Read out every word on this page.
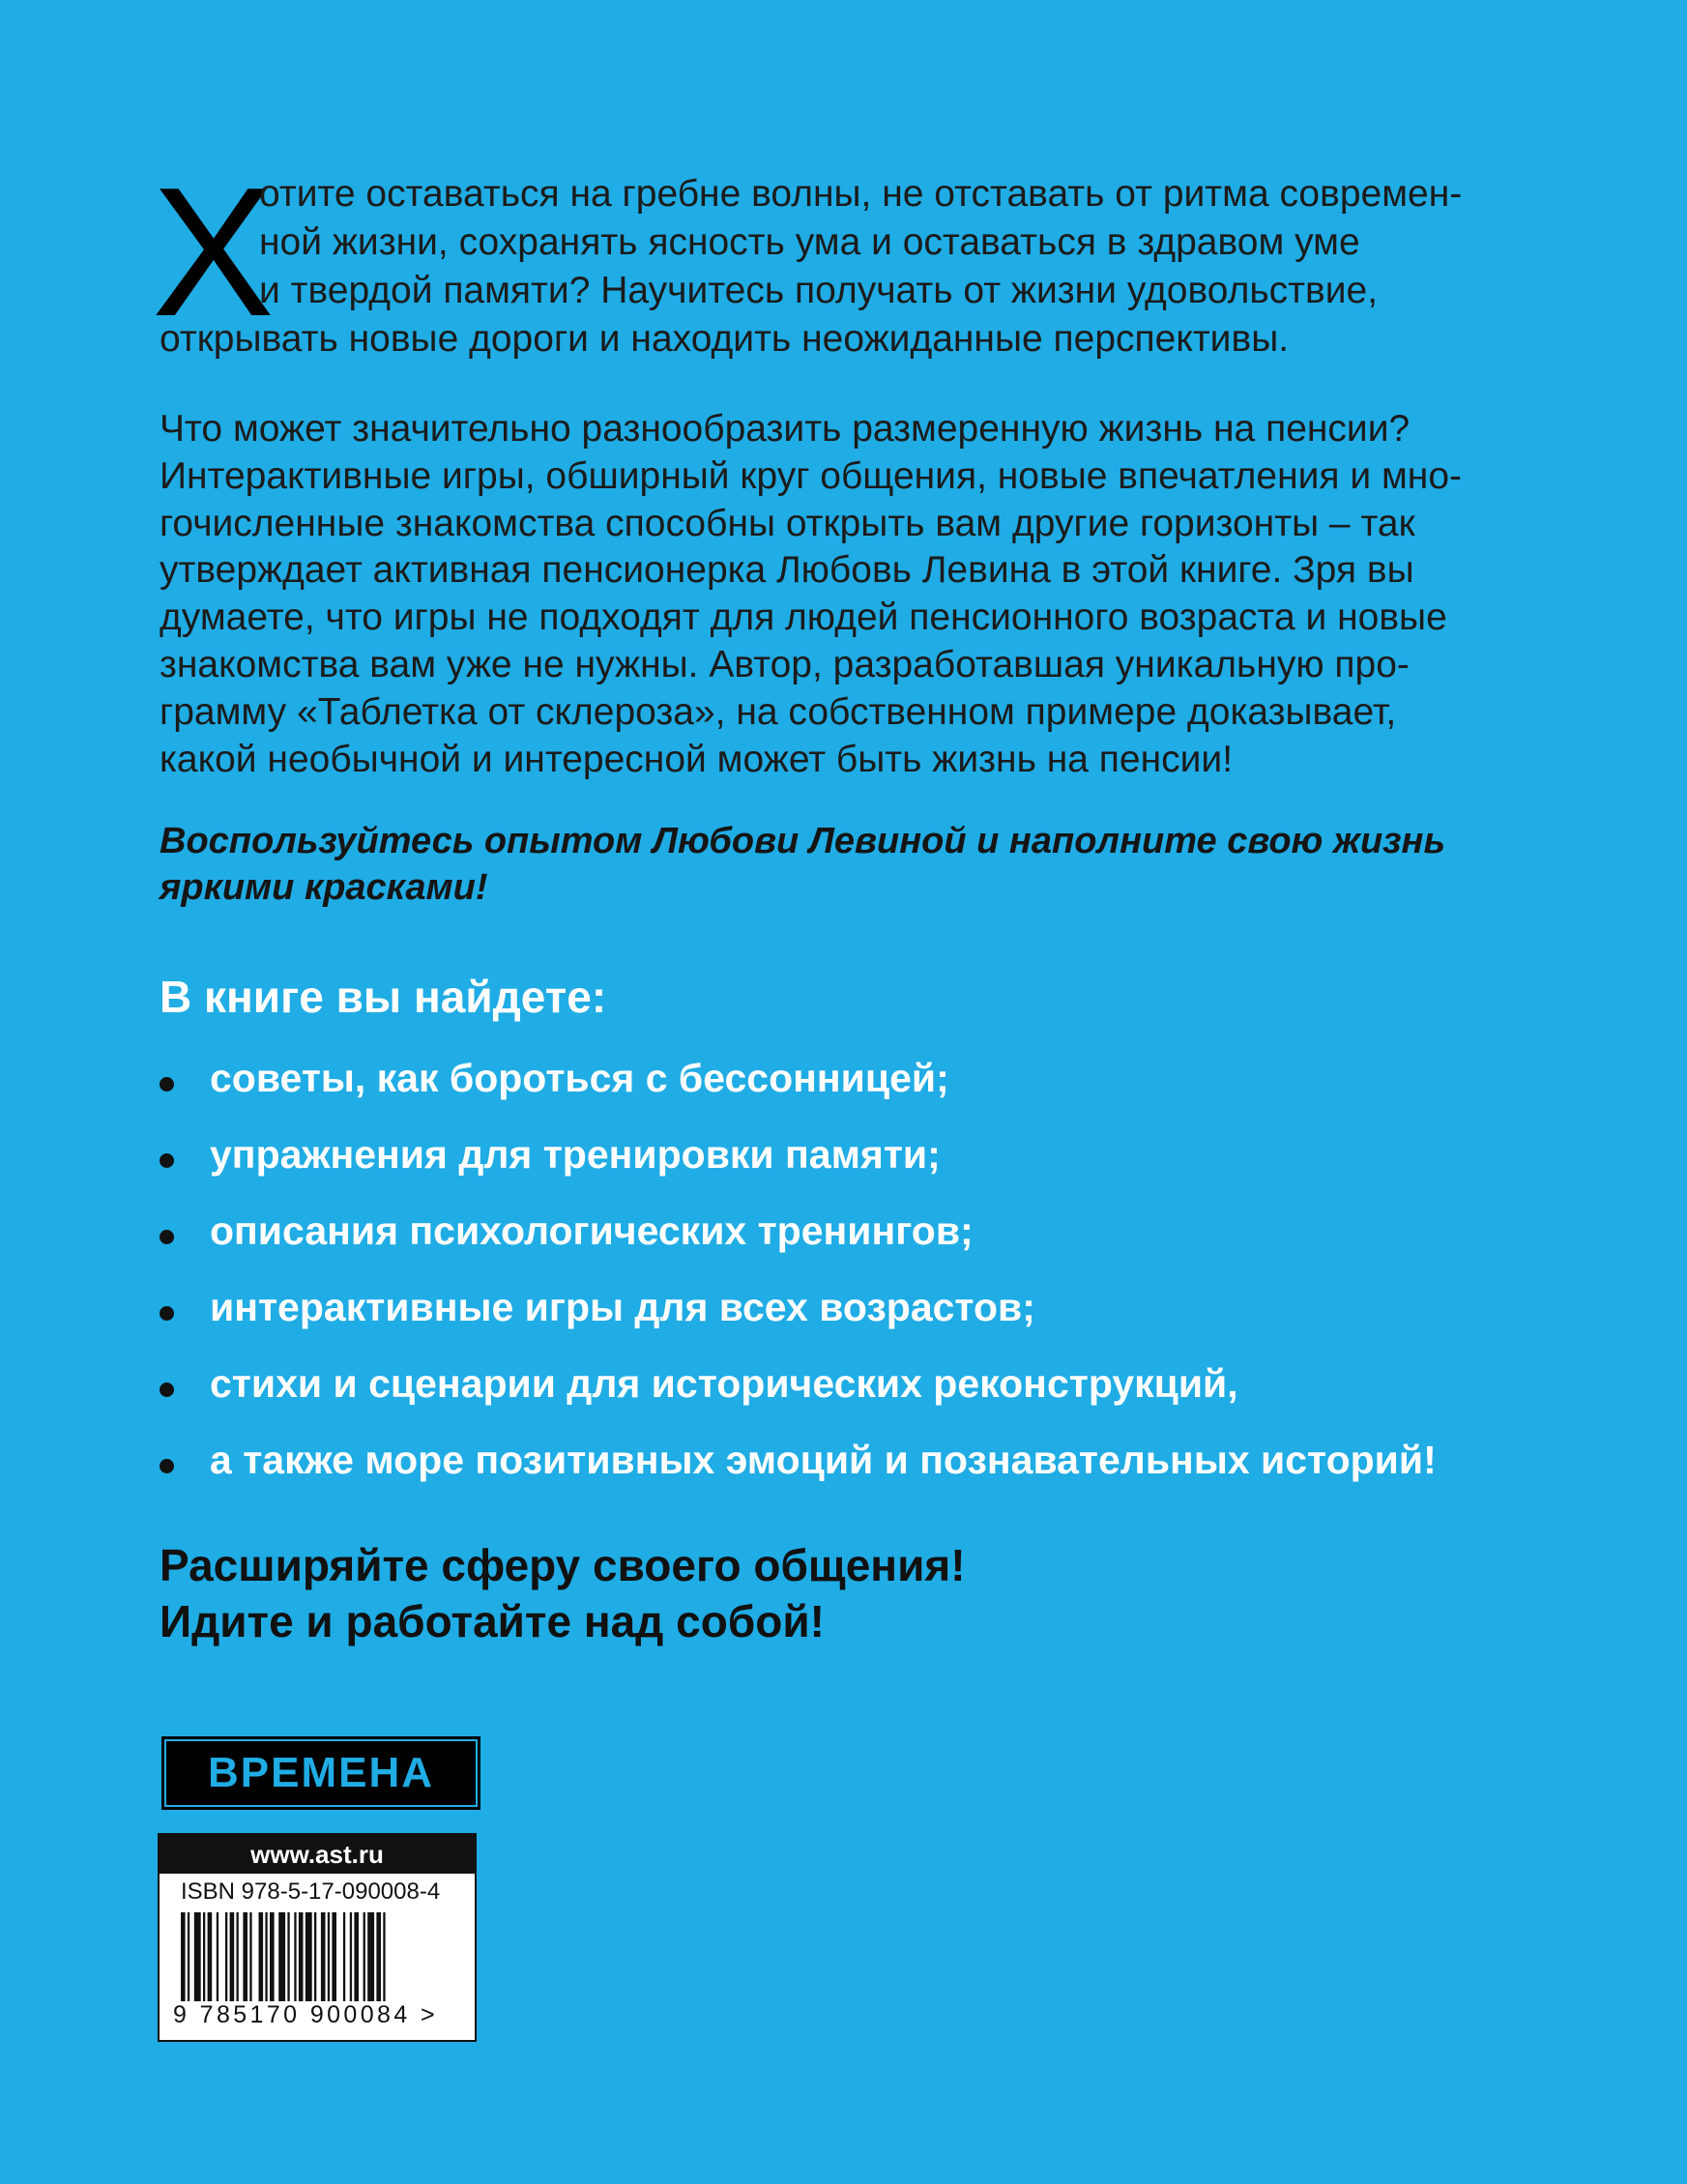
Х
отите оставаться на гребне волны, не отставать от ритма современ-
ной жизни, сохранять ясность ума и оставаться в здравом уме
и твердой памяти? Научитесь получать от жизни удовольствие,
открывать новые дороги и находить неожиданные перспективы.
Что может значительно разнообразить размеренную жизнь на пенсии?
Интерактивные игры, обширный круг общения, новые впечатления и мно-
гочисленные знакомства способны открыть вам другие горизонты – так
утверждает активная пенсионерка Любовь Левина в этой книге. Зря вы
думаете, что игры не подходят для людей пенсионного возраста и новые
знакомства вам уже не нужны. Автор, разработавшая уникальную про-
грамму «Таблетка от склероза», на собственном примере доказывает,
какой необычной и интересной может быть жизнь на пенсии!
Воспользуйтесь опытом Любови Левиной и наполните свою жизнь
яркими красками!
В книге вы найдете:
советы, как бороться с бессонницей;
упражнения для тренировки памяти;
описания психологических тренингов;
интерактивные игры для всех возрастов;
стихи и сценарии для исторических реконструкций,
а также море позитивных эмоций и познавательных историй!
Расширяйте сферу своего общения!
Идите и работайте над собой!
ВРЕМЕНА
www.ast.ru
ISBN 978-5-17-090008-4
9 785170 900084 >
